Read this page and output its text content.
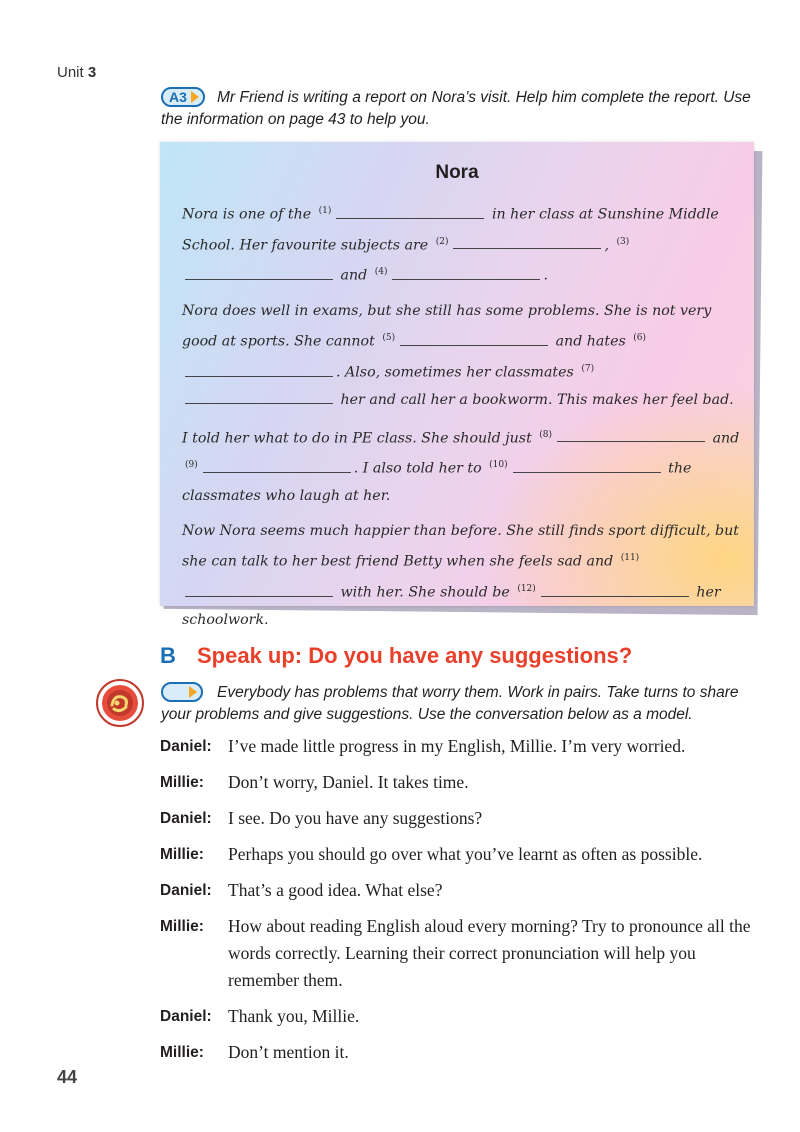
Unit 3
Mr Friend is writing a report on Nora’s visit. Help him complete the report. Use the information on page 43 to help you.
A3
Nora

Nora is one of the $^{(1)}$	in her class at Sunshine Middle School. Her favourite subjects are $^{(2)}$	, $^{(3)}$ and $^{(4)}$	.

Nora does well in exams, but she still has some problems. She is not very good at sports. She cannot $^{(5)}$	and hates $^{(6)}$. Also, sometimes her classmates $^{(7)}$ her and call her a bookworm. This makes her feel bad.

I told her what to do in PE class. She should just $^{(8)}$	and $^{(9)}$	. I also told her to $^{(10)}$	the classmates who laugh at her.

Now Nora seems much happier than before. She still finds sport difficult, but she can talk to her best friend Betty when she feels sad and $^{(11)}$ with her. She should be $^{(12)}$	her schoolwork.

B Speak up: Do you have any suggestions?
Everybody has problems that worry them. Work in pairs. Take turns to share your problems and give suggestions. Use the conversation below as a model.
Daniel: I’ve made little progress in my English, Millie. I’m very worried.
Millie:	Don’t worry, Daniel. It takes time.
Daniel: I see. Do you have any suggestions?
Millie:	Perhaps you should go over what you’ve learnt as often as possible.
Daniel: That’s a good idea. What else?
Millie:	How about reading English aloud every morning? Try to pronounce all the words correctly. Learning their correct pronunciation will help you remember them.
Daniel: Thank you, Millie.
Millie:	Don’t mention it.
44
